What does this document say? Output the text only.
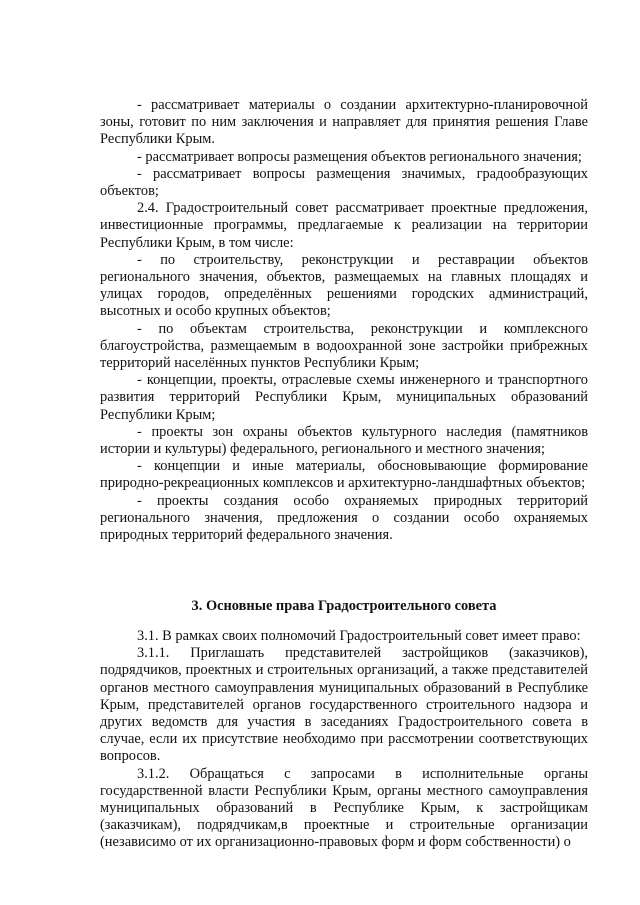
- рассматривает материалы о создании архитектурно-планировочной зоны, готовит по ним заключения и направляет для принятия решения Главе Республики Крым.

- рассматривает вопросы размещения объектов регионального значения;

- рассматривает вопросы размещения значимых, градообразующих объектов;

2.4. Градостроительный совет рассматривает проектные предложения, инвестиционные программы, предлагаемые к реализации на территории Республики Крым, в том числе:

- по строительству, реконструкции и реставрации объектов регионального значения, объектов, размещаемых на главных площадях и улицах городов, определённых решениями городских администраций, высотных и особо крупных объектов;

- по объектам строительства, реконструкции и комплексного благоустройства, размещаемым в водоохранной зоне застройки прибрежных территорий населённых пунктов Республики Крым;

- концепции, проекты, отраслевые схемы инженерного и транспортного развития территорий Республики Крым, муниципальных образований Республики Крым;

- проекты зон охраны объектов культурного наследия (памятников истории и культуры) федерального, регионального и местного значения;

- концепции и иные материалы, обосновывающие формирование природно-рекреационных комплексов и архитектурно-ландшафтных объектов;

- проекты создания особо охраняемых природных территорий регионального значения, предложения о создании особо охраняемых природных территорий федерального значения.

3. Основные права Градостроительного совета

3.1. В рамках своих полномочий Градостроительный совет имеет право:

3.1.1. Приглашать представителей застройщиков (заказчиков), подрядчиков, проектных и строительных организаций, а также представителей органов местного самоуправления муниципальных образований в Республике Крым, представителей органов государственного строительного надзора и других ведомств для участия в заседаниях Градостроительного совета в случае, если их присутствие необходимо при рассмотрении соответствующих вопросов.

3.1.2. Обращаться с запросами в исполнительные органы государственной власти Республики Крым, органы местного самоуправления муниципальных образований в Республике Крым, к застройщикам (заказчикам), подрядчикам,в проектные и строительные организации (независимо от их организационно-правовых форм и форм собственности) о
